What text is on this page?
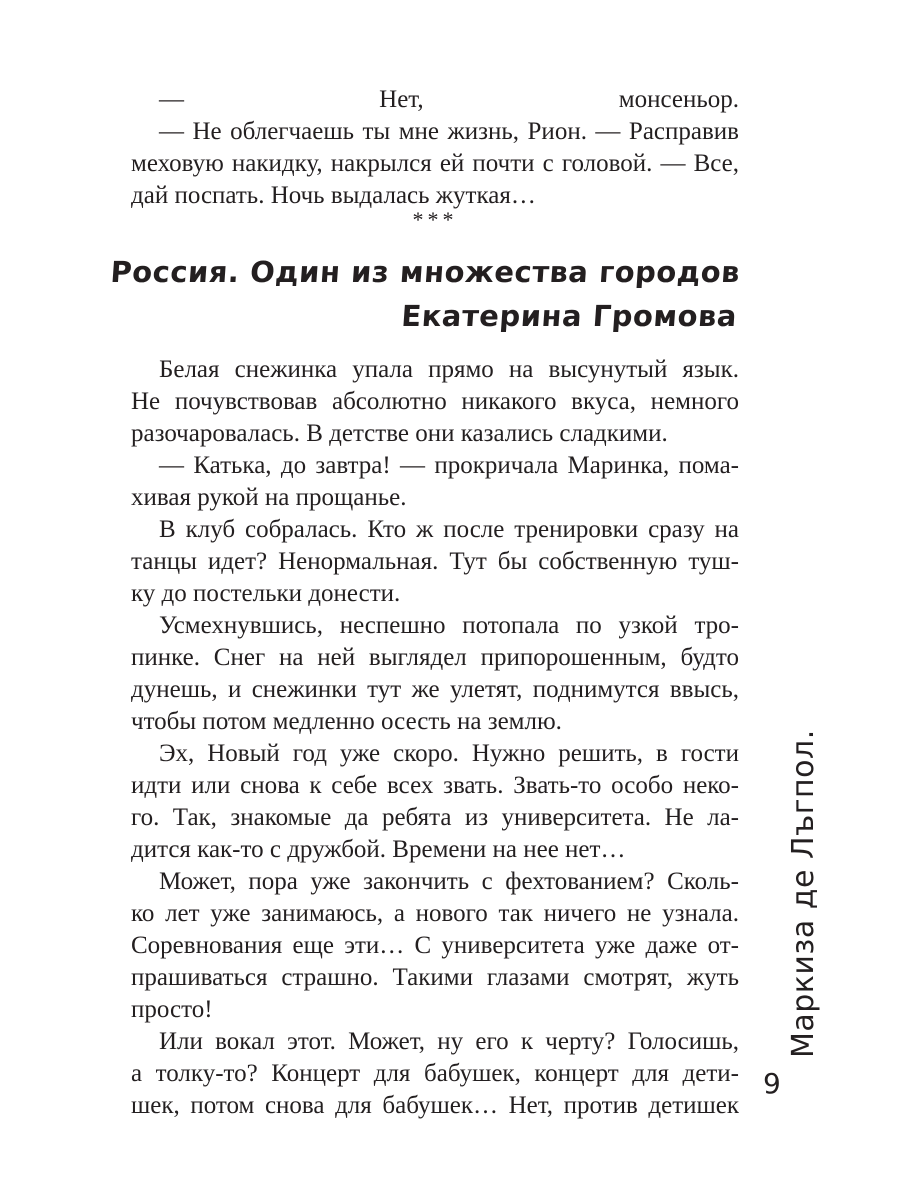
— Нет, монсеньор.
— Не облегчаешь ты мне жизнь, Рион. — Расправив
меховую накидку, накрылся ей почти с головой. — Все,
дай поспать. Ночь выдалась жуткая…
***
Россия. Один из множества городов
Екатерина Громова
Белая снежинка упала прямо на высунутый язык.
Не почувствовав абсолютно никакого вкуса, немного
разочаровалась. В детстве они казались сладкими.
— Катька, до завтра! — прокричала Маринка, пома-
хивая рукой на прощанье.
В клуб собралась. Кто ж после тренировки сразу на
танцы идет? Ненормальная. Тут бы собственную туш-
ку до постельки донести.
Усмехнувшись, неспешно потопала по узкой тро-
пинке. Снег на ней выглядел припорошенным, будто
дунешь, и снежинки тут же улетят, поднимутся ввысь,
чтобы потом медленно осесть на землю.
Эх, Новый год уже скоро. Нужно решить, в гости
идти или снова к себе всех звать. Звать-то особо неко-
го. Так, знакомые да ребята из университета. Не ла-
дится как-то с дружбой. Времени на нее нет…
Может, пора уже закончить с фехтованием? Сколь-
ко лет уже занимаюсь, а нового так ничего не узнала.
Соревнования еще эти… С университета уже даже от-
прашиваться страшно. Такими глазами смотрят, жуть
просто!
Или вокал этот. Может, ну его к черту? Голосишь,
а толку-то? Концерт для бабушек, концерт для дети-
шек, потом снова для бабушек… Нет, против детишек
Маркиза де Лъгпол.
9
